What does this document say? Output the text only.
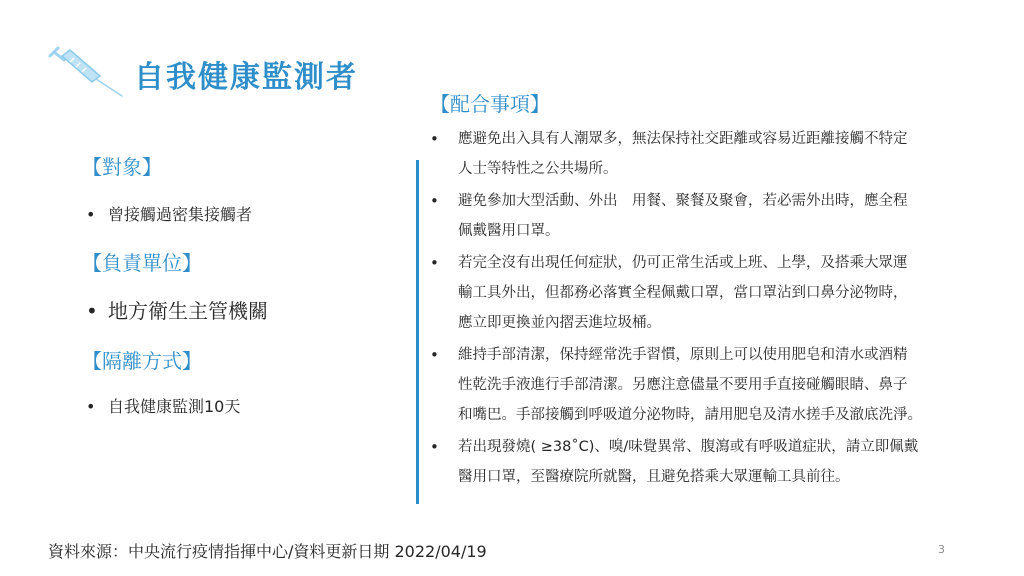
自我健康監測者
【對象】
• 曾接觸過密集接觸者
【負責單位】
• 地方衛生主管機關
【隔離方式】
• 自我健康監測10天
【配合事項】
• 應避免出入具有人潮眾多，無法保持社交距離或容易近距離接觸不特定
人士等特性之公共場所。
• 避免參加大型活動、外出　用餐、聚餐及聚會，若必需外出時，應全程
佩戴醫用口罩。
• 若完全沒有出現任何症狀，仍可正常生活或上班、上學，及搭乘大眾運
輸工具外出，但都務必落實全程佩戴口罩，當口罩沾到口鼻分泌物時，
應立即更換並內摺丟進垃圾桶。
• 維持手部清潔，保持經常洗手習慣，原則上可以使用肥皂和清水或酒精
性乾洗手液進行手部清潔。另應注意儘量不要用手直接碰觸眼睛、鼻子
和嘴巴。手部接觸到呼吸道分泌物時，請用肥皂及清水搓手及澈底洗淨。
• 若出現發燒( ≥38˚C)、嗅/味覺異常、腹瀉或有呼吸道症狀，請立即佩戴
醫用口罩，至醫療院所就醫，且避免搭乘大眾運輸工具前往。
資料來源：中央流行疫情指揮中心/資料更新日期 2022/04/19	3
